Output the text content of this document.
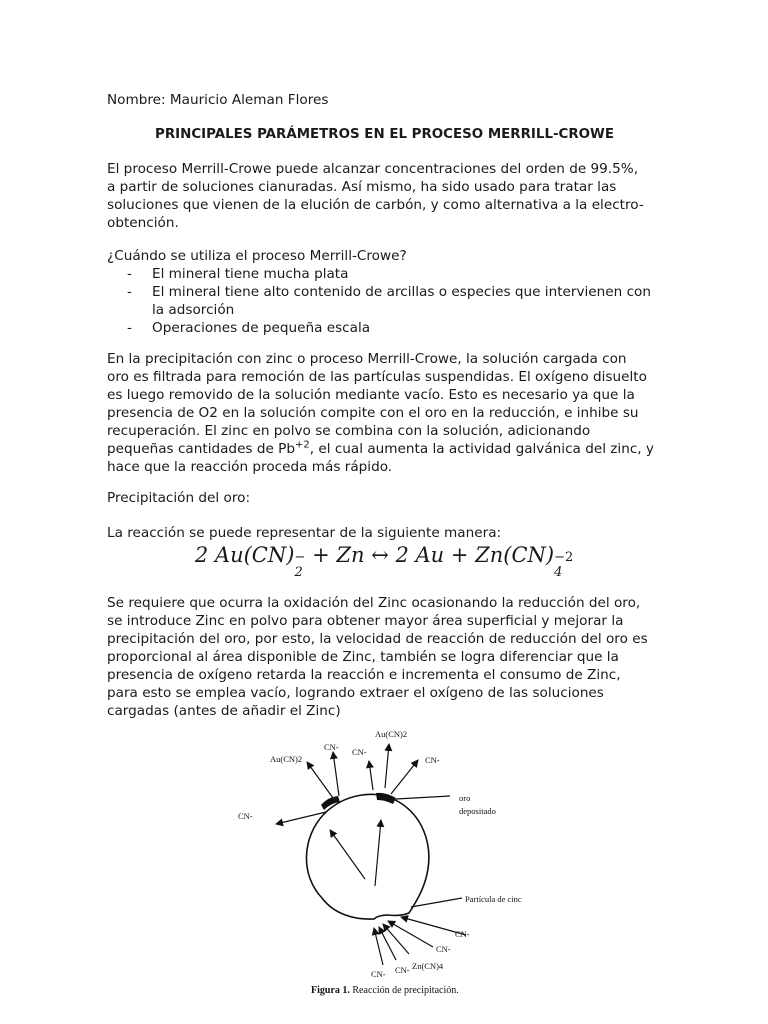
Nombre: Mauricio Aleman Flores
PRINCIPALES PARÁMETROS EN EL PROCESO MERRILL-CROWE
El proceso Merrill-Crowe puede alcanzar concentraciones del orden de 99.5%,
a partir de soluciones cianuradas. Así mismo, ha sido usado para tratar las
soluciones que vienen de la elución de carbón, y como alternativa a la electro-
obtención.
¿Cuándo se utiliza el proceso Merrill-Crowe?
- El mineral tiene mucha plata
- El mineral tiene alto contenido de arcillas o especies que intervienen con
la adsorción
- Operaciones de pequeña escala
En la precipitación con zinc o proceso Merrill-Crowe, la solución cargada con
oro es filtrada para remoción de las partículas suspendidas. El oxígeno disuelto
es luego removido de la solución mediante vacío. Esto es necesario ya que la
presencia de O2 en la solución compite con el oro en la reducción, e inhibe su
recuperación. El zinc en polvo se combina con la solución, adicionando
pequeñas cantidades de $Pb^{+2}$, el cual aumenta la actividad galvánica del zinc, y
hace que la reacción proceda más rápido.
Precipitación del oro:
La reacción se puede representar de la siguiente manera:
2 Au(CN) −
2
+ Zn ↔ 2 Au + Zn(CN) −2
4
Se requiere que ocurra la oxidación del Zinc ocasionando la reducción del oro,
se introduce Zinc en polvo para obtener mayor área superficial y mejorar la
precipitación del oro, por esto, la velocidad de reacción de reducción del oro es
proporcional al área disponible de Zinc, también se logra diferenciar que la
presencia de oxígeno retarda la reacción e incrementa el consumo de Zinc,
para esto se emplea vacío, logrando extraer el oxígeno de las soluciones
cargadas (antes de añadir el Zinc)
Au(CN)2
Au(CN)2
CN- CN-
CN-
CN-
oro
depositado
Partícula de cinc
CN-
CN-
Zn(CN)4
CN-
CN-
Figura 1. Reacción de precipitación.
